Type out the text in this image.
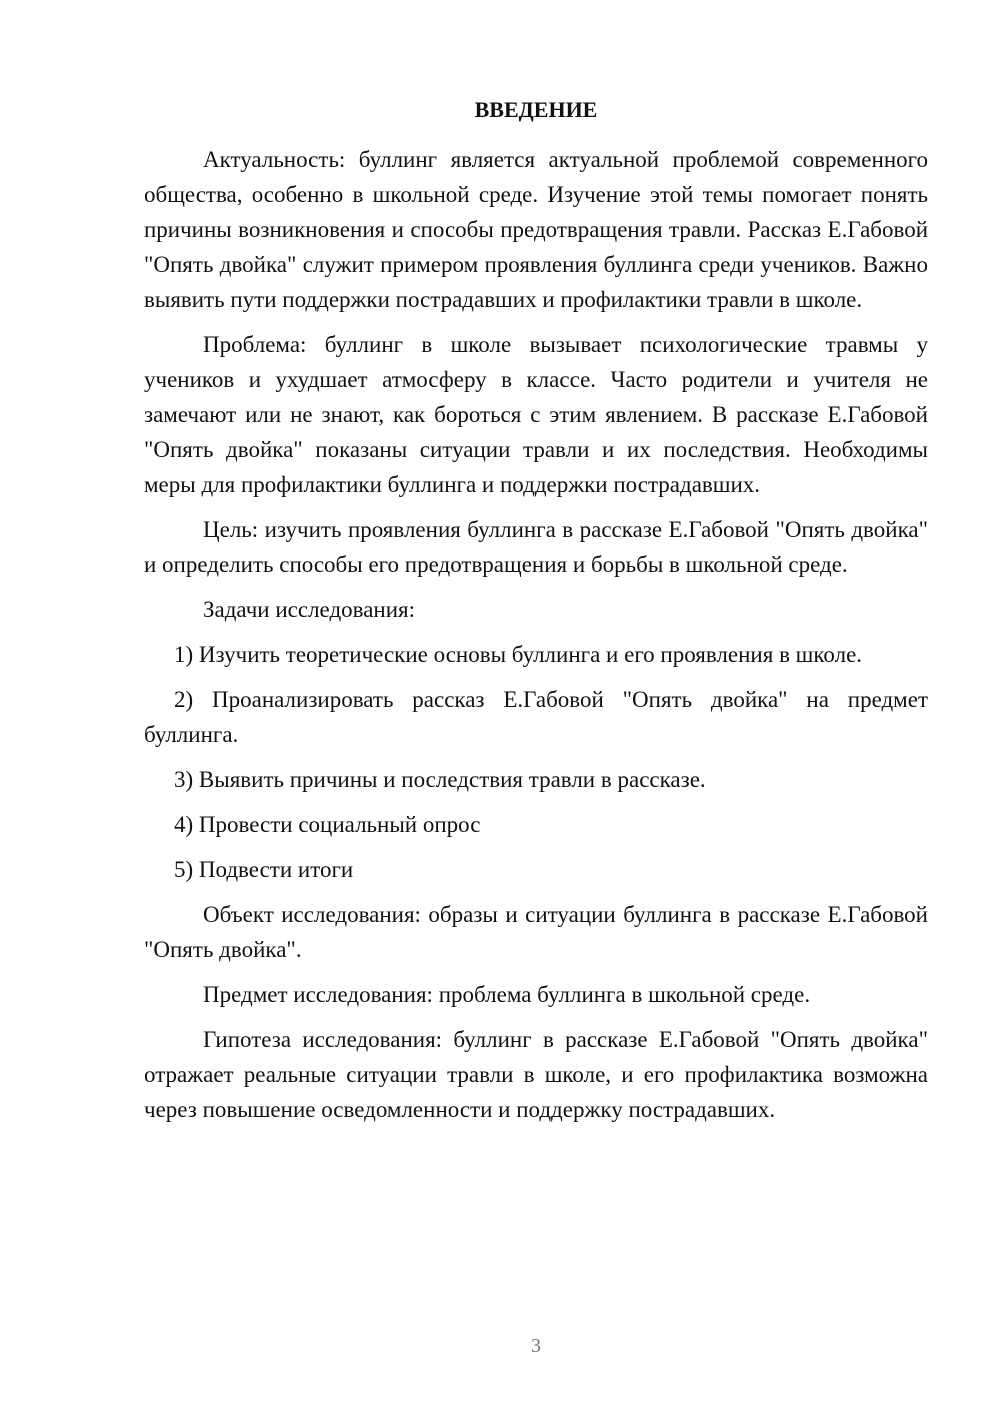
ВВЕДЕНИЕ

Актуальность: буллинг является актуальной проблемой современного общества, особенно в школьной среде. Изучение этой темы помогает понять причины возникновения и способы предотвращения травли. Рассказ Е.Габовой "Опять двойка" служит примером проявления буллинга среди учеников. Важно выявить пути поддержки пострадавших и профилактики травли в школе.

Проблема: буллинг в школе вызывает психологические травмы у учеников и ухудшает атмосферу в классе. Часто родители и учителя не замечают или не знают, как бороться с этим явлением. В рассказе Е.Габовой "Опять двойка" показаны ситуации травли и их последствия. Необходимы меры для профилактики буллинга и поддержки пострадавших.

Цель: изучить проявления буллинга в рассказе Е.Габовой "Опять двойка" и определить способы его предотвращения и борьбы в школьной среде.

Задачи исследования:

1) Изучить теоретические основы буллинга и его проявления в школе.

2) Проанализировать рассказ Е.Габовой "Опять двойка" на предмет буллинга.

3) Выявить причины и последствия травли в рассказе.

4) Провести социальный опрос

5) Подвести итоги

Объект исследования: образы и ситуации буллинга в рассказе Е.Габовой "Опять двойка".

Предмет исследования: проблема буллинга в школьной среде.

Гипотеза исследования: буллинг в рассказе Е.Габовой "Опять двойка" отражает реальные ситуации травли в школе, и его профилактика возможна через повышение осведомленности и поддержку пострадавших.

3
